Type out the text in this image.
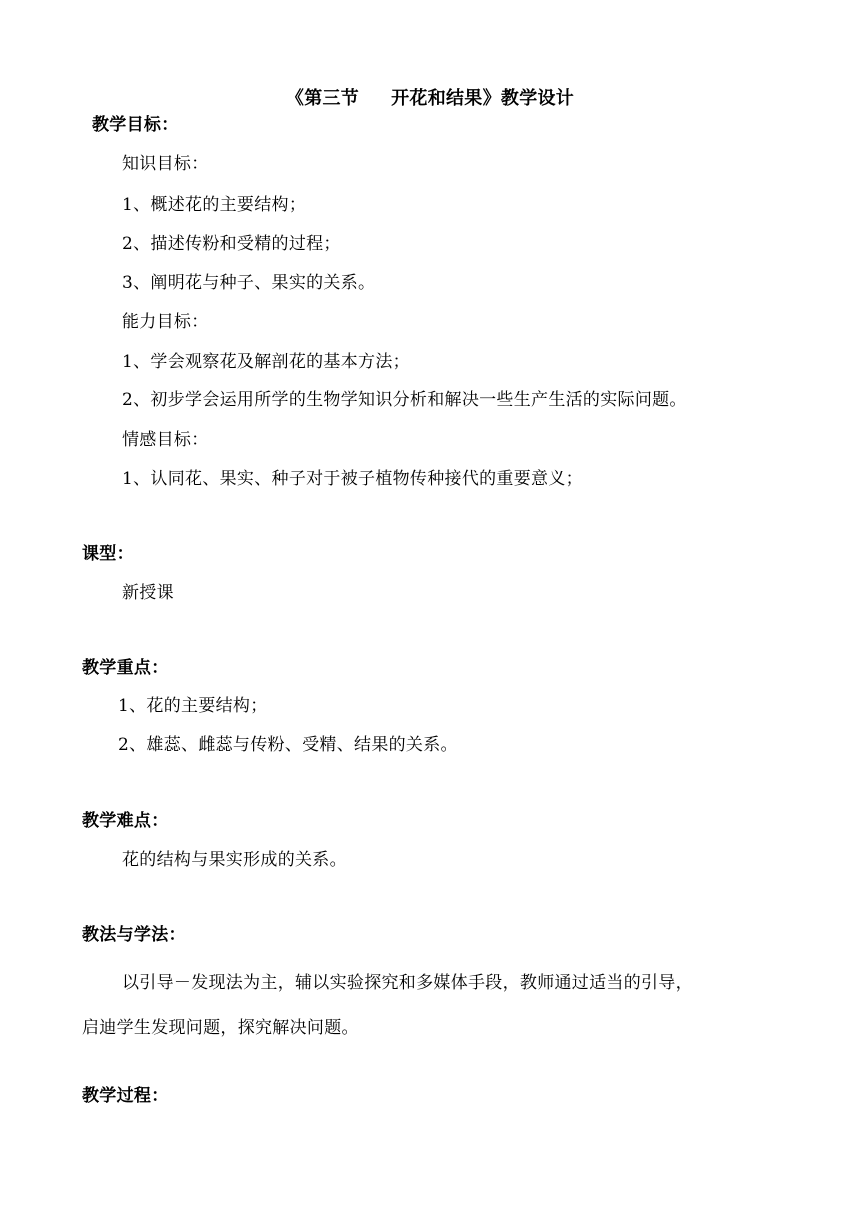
《第三节 开花和结果》教学设计
教学目标：
知识目标：
1、概述花的主要结构；
2、描述传粉和受精的过程；
3、阐明花与种子、果实的关系。
能力目标：
1、学会观察花及解剖花的基本方法；
2、初步学会运用所学的生物学知识分析和解决一些生产生活的实际问题。
情感目标：
1、认同花、果实、种子对于被子植物传种接代的重要意义；
课型：
新授课
教学重点：
1、花的主要结构；
2、雄蕊、雌蕊与传粉、受精、结果的关系。
教学难点：
花的结构与果实形成的关系。
教法与学法：
以引导－发现法为主，辅以实验探究和多媒体手段，教师通过适当的引导，
启迪学生发现问题，探究解决问题。
教学过程：
